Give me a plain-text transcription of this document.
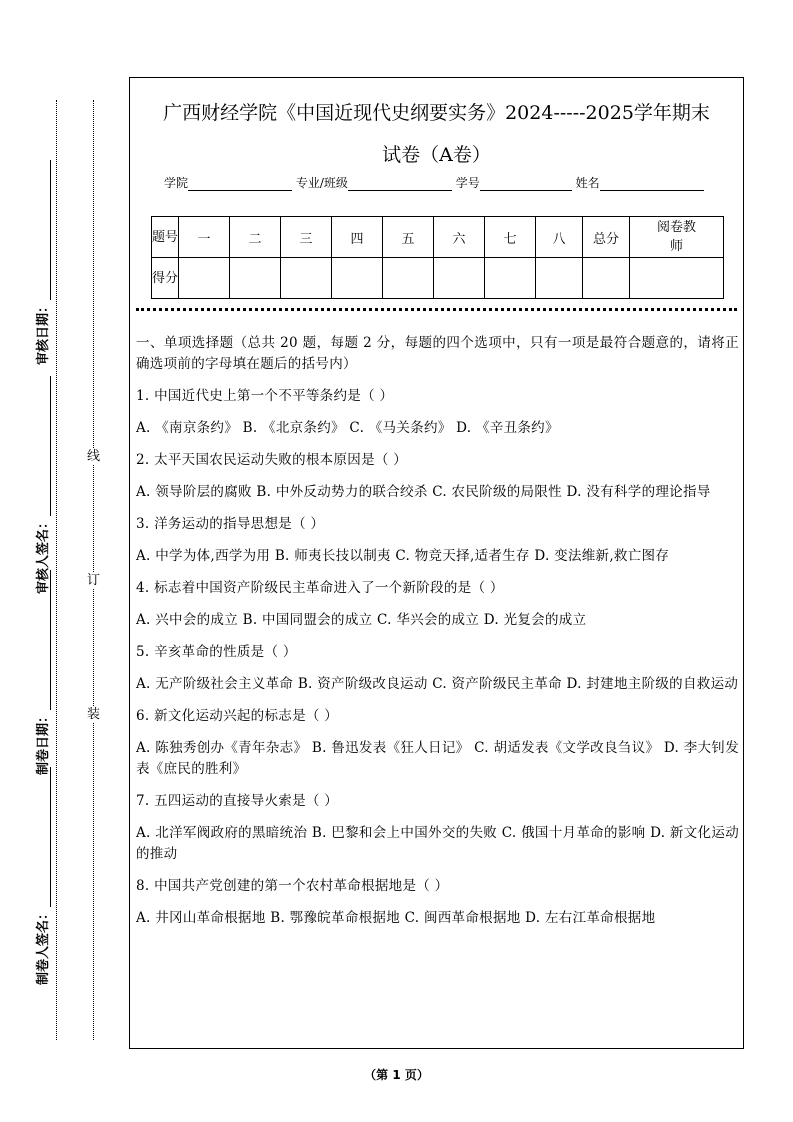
线
订
装
审核日期：
审核人签名：
制卷日期：
制卷人签名：
广西财经学院《中国近现代史纲要实务》2024-----2025学年期末
试卷（A卷）
学院	专业/班级	学号	姓名
题号	一	二	三	四	五	六	七	八	总分	阅卷教师
得分										

一、单项选择题（总共 20 题，每题 2 分，每题的四个选项中，只有一项是最符合题意的，请将正确选项前的字母填在题后的括号内）

1. 中国近代史上第一个不平等条约是（ ）

A. 《南京条约》 B. 《北京条约》 C. 《马关条约》 D. 《辛丑条约》

2. 太平天国农民运动失败的根本原因是（ ）

A. 领导阶层的腐败 B. 中外反动势力的联合绞杀 C. 农民阶级的局限性 D. 没有科学的理论指导

3. 洋务运动的指导思想是（ ）

A. 中学为体,西学为用 B. 师夷长技以制夷 C. 物竞天择,适者生存 D. 变法维新,救亡图存

4. 标志着中国资产阶级民主革命进入了一个新阶段的是（ ）

A. 兴中会的成立 B. 中国同盟会的成立 C. 华兴会的成立 D. 光复会的成立

5. 辛亥革命的性质是（ ）

A. 无产阶级社会主义革命 B. 资产阶级改良运动 C. 资产阶级民主革命 D. 封建地主阶级的自救运动

6. 新文化运动兴起的标志是（ ）

A. 陈独秀创办《青年杂志》 B. 鲁迅发表《狂人日记》 C. 胡适发表《文学改良刍议》 D. 李大钊发表《庶民的胜利》

7. 五四运动的直接导火索是（ ）

A. 北洋军阀政府的黑暗统治 B. 巴黎和会上中国外交的失败 C. 俄国十月革命的影响 D. 新文化运动的推动

8. 中国共产党创建的第一个农村革命根据地是（ ）

A. 井冈山革命根据地 B. 鄂豫皖革命根据地 C. 闽西革命根据地 D. 左右江革命根据地

（第 1 页）
